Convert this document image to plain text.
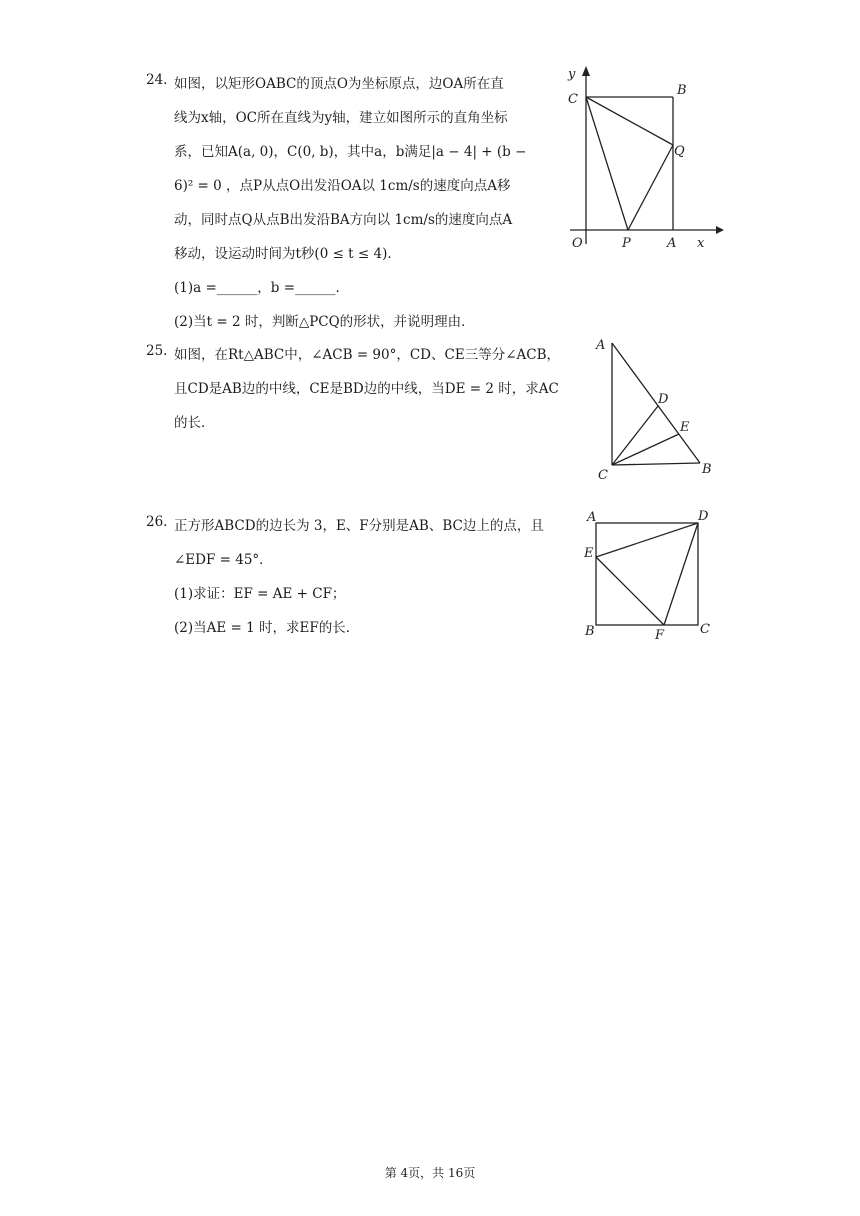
24. 如图，以矩形OABC的顶点O为坐标原点，边OA所在直
线为x轴，OC所在直线为y轴，建立如图所示的直角坐标
系，已知A(a, 0)，C(0, b)，其中a，b满足|a − 4| + (b −
6)² = 0 ，点P从点O出发沿OA以 1cm/s的速度向点A移
动，同时点Q从点B出发沿BA方向以 1cm/s的速度向点A
移动，设运动时间为t秒(0 ≤ t ≤ 4)．
(1)a =______，b =______．
(2)当t = 2 时，判断△PCQ的形状，并说明理由．
y
C
B
Q
O	P	A x
25. 如图，在Rt△ABC中，∠ACB = 90°，CD、CE三等分∠ACB，
且CD是AB边的中线，CE是BD边的中线，当DE = 2 时，求AC
的长．
A
D
E
C	B
26. 正方形ABCD的边长为 3，E、F分别是AB、BC边上的点，且
∠EDF = 45°．
(1)求证：EF = AE + CF；
(2)当AE = 1 时，求EF的长．
A	D
E
B	F	C
第 4页，共 16页
